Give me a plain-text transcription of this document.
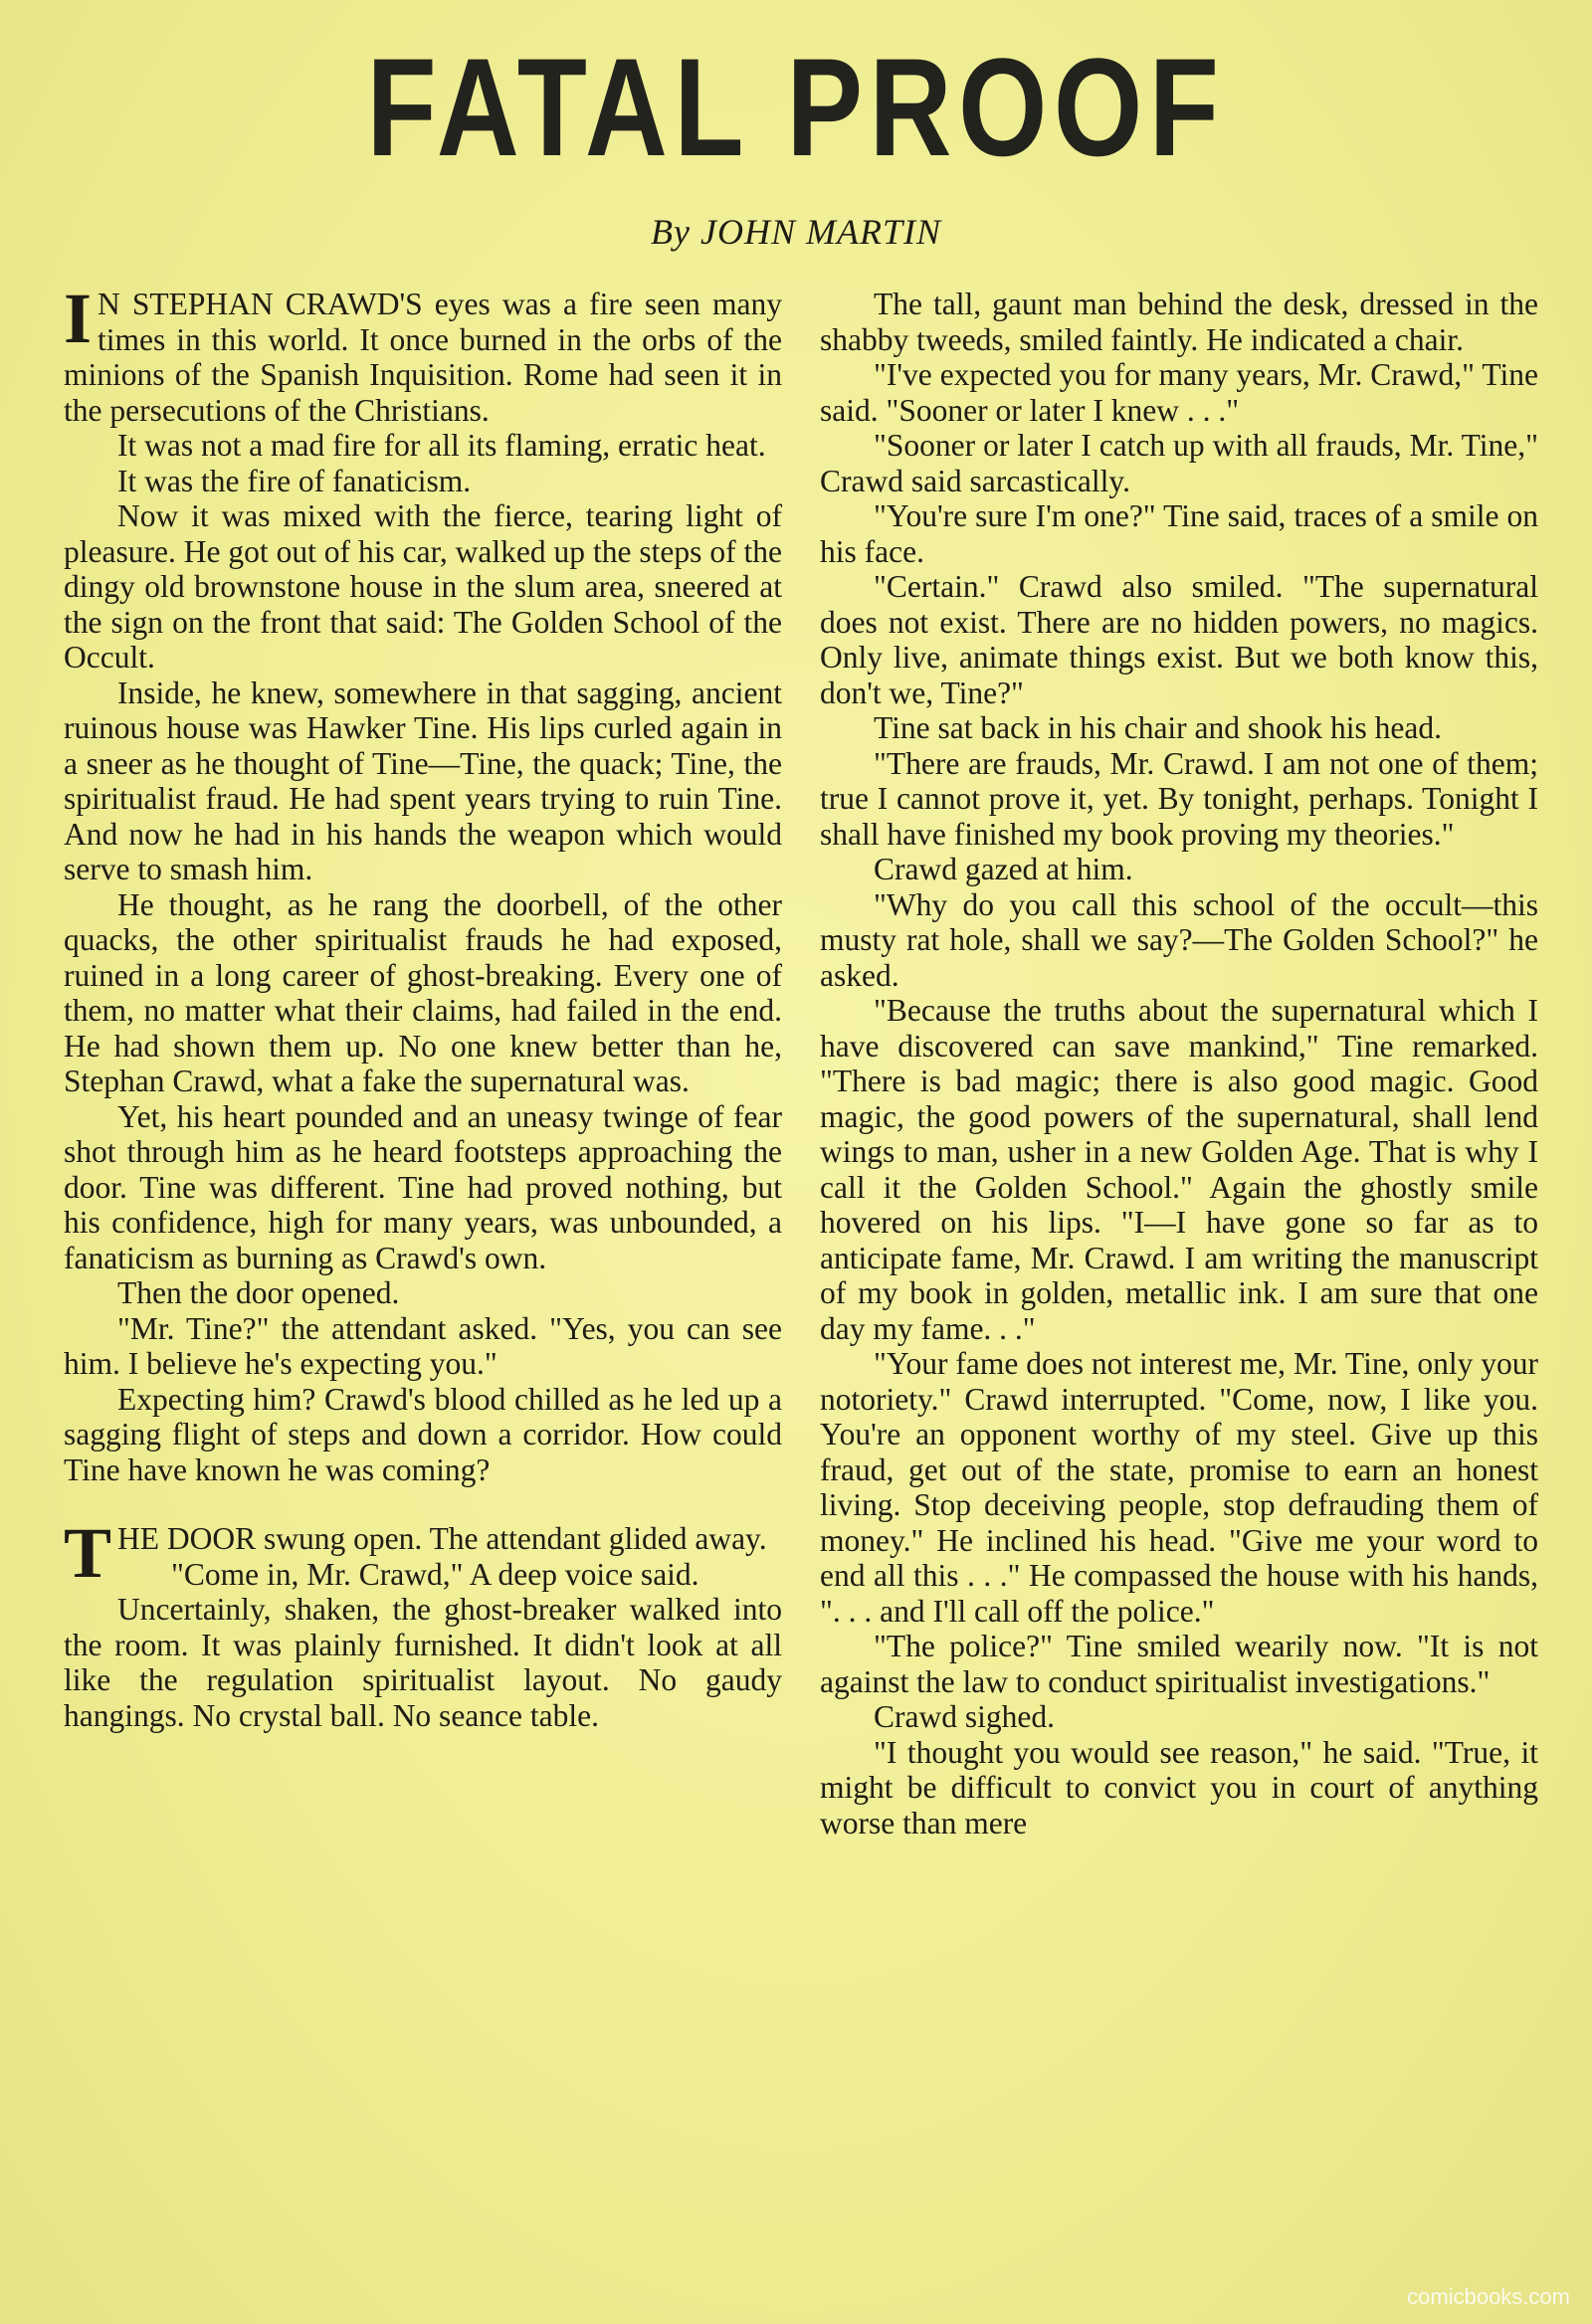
FATAL PROOF
By JOHN MARTIN

I N STEPHAN CRAWD'S eyes was a fire seen many times in this world. It once burned in the orbs of the minions of the Spanish Inquisition. Rome had seen it in the persecutions of the Christians.

It was not a mad fire for all its flaming, erratic heat.

It was the fire of fanaticism.

Now it was mixed with the fierce, tearing light of pleasure. He got out of his car, walked up the steps of the dingy old brownstone house in the slum area, sneered at the sign on the front that said: The Golden School of the Occult.

Inside, he knew, somewhere in that sagging, ancient ruinous house was Hawker Tine. His lips curled again in a sneer as he thought of Tine—Tine, the quack; Tine, the spiritualist fraud. He had spent years trying to ruin Tine. And now he had in his hands the weapon which would serve to smash him.

He thought, as he rang the doorbell, of the other quacks, the other spiritualist frauds he had exposed, ruined in a long career of ghost-breaking. Every one of them, no matter what their claims, had failed in the end. He had shown them up. No one knew better than he, Stephan Crawd, what a fake the supernatural was.

Yet, his heart pounded and an uneasy twinge of fear shot through him as he heard footsteps approaching the door. Tine was different. Tine had proved nothing, but his confidence, high for many years, was unbounded, a fanaticism as burning as Crawd's own.

Then the door opened.

"Mr. Tine?" the attendant asked. "Yes, you can see him. I believe he's expecting you."

Expecting him? Crawd's blood chilled as he led up a sagging flight of steps and down a corridor. How could Tine have known he was coming?

THE DOOR swung open. The attendant glided away.

"Come in, Mr. Crawd," A deep voice said.

Uncertainly, shaken, the ghost-breaker walked into the room. It was plainly furnished. It didn't look at all like the regulation spiritualist layout. No gaudy hangings. No crystal ball. No seance table.

The tall, gaunt man behind the desk, dressed in the shabby tweeds, smiled faintly. He indicated a chair.

"I've expected you for many years, Mr. Crawd," Tine said. "Sooner or later I knew . . ."

"Sooner or later I catch up with all frauds, Mr. Tine," Crawd said sarcastically.

"You're sure I'm one?" Tine said, traces of a smile on his face.

"Certain." Crawd also smiled. "The supernatural does not exist. There are no hidden powers, no magics. Only live, animate things exist. But we both know this, don't we, Tine?"

Tine sat back in his chair and shook his head.

"There are frauds, Mr. Crawd. I am not one of them; true I cannot prove it, yet. By tonight, perhaps. Tonight I shall have finished my book proving my theories."

Crawd gazed at him.

"Why do you call this school of the occult—this musty rat hole, shall we say?—The Golden School?" he asked.

"Because the truths about the supernatural which I have discovered can save mankind," Tine remarked. "There is bad magic; there is also good magic. Good magic, the good powers of the supernatural, shall lend wings to man, usher in a new Golden Age. That is why I call it the Golden School." Again the ghostly smile hovered on his lips. "I—I have gone so far as to anticipate fame, Mr. Crawd. I am writing the manuscript of my book in golden, metallic ink. I am sure that one day my fame. . ."

"Your fame does not interest me, Mr. Tine, only your notoriety." Crawd interrupted. "Come, now, I like you. You're an opponent worthy of my steel. Give up this fraud, get out of the state, promise to earn an honest living. Stop deceiving people, stop defrauding them of money." He inclined his head. "Give me your word to end all this . . ." He compassed the house with his hands, ". . . and I'll call off the police."

"The police?" Tine smiled wearily now. "It is not against the law to conduct spiritualist investigations."

Crawd sighed.

"I thought you would see reason," he said. "True, it might be difficult to convict you in court of anything worse than mere

comicbooks.com
